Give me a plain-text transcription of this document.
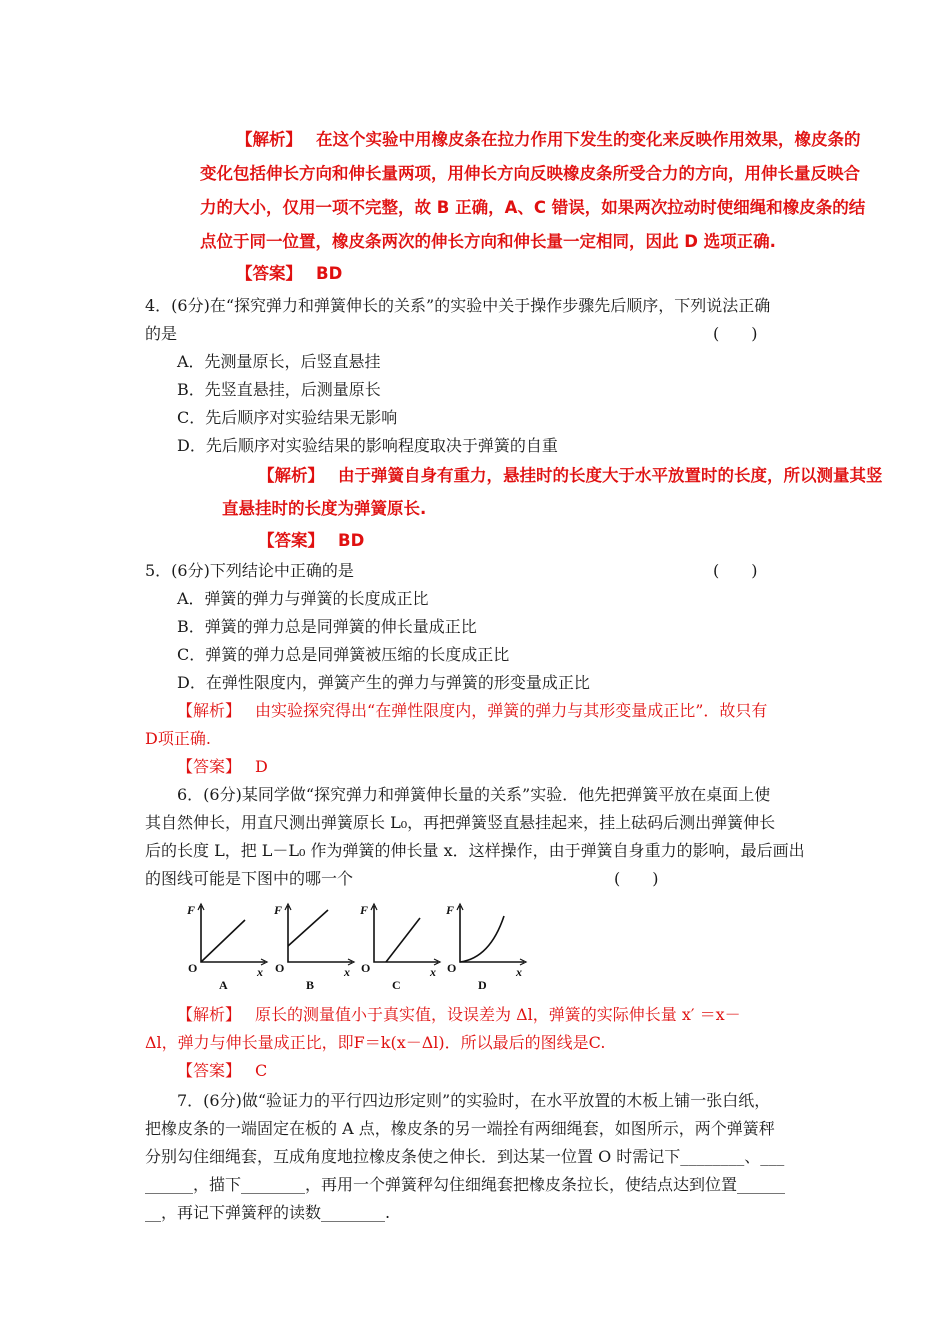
【解析】 在这个实验中用橡皮条在拉力作用下发生的变化来反映作用效果，橡皮条的
变化包括伸长方向和伸长量两项，用伸长方向反映橡皮条所受合力的方向，用伸长量反映合
力的大小，仅用一项不完整，故 B 正确，A、C 错误，如果两次拉动时使细绳和橡皮条的结
点位于同一位置，橡皮条两次的伸长方向和伸长量一定相同，因此 D 选项正确.
【答案】 BD
4．(6分)在“探究弹力和弹簧伸长的关系”的实验中关于操作步骤先后顺序，下列说法正确
的是	(　　)
A．先测量原长，后竖直悬挂
B．先竖直悬挂，后测量原长
C．先后顺序对实验结果无影响
D．先后顺序对实验结果的影响程度取决于弹簧的自重
【解析】 由于弹簧自身有重力，悬挂时的长度大于水平放置时的长度，所以测量其竖
直悬挂时的长度为弹簧原长.
【答案】 BD
5．(6分)下列结论中正确的是	(　　)
A．弹簧的弹力与弹簧的长度成正比
B．弹簧的弹力总是同弹簧的伸长量成正比
C．弹簧的弹力总是同弹簧被压缩的长度成正比
D．在弹性限度内，弹簧产生的弹力与弹簧的形变量成正比
【解析】 由实验探究得出“在弹性限度内，弹簧的弹力与其形变量成正比”．故只有
D项正确.
【答案】 D
6．(6分)某同学做“探究弹力和弹簧伸长量的关系”实验．他先把弹簧平放在桌面上使
其自然伸长，用直尺测出弹簧原长 L₀，再把弹簧竖直悬挂起来，挂上砝码后测出弹簧伸长
后的长度 L，把 L－L₀ 作为弹簧的伸长量 x．这样操作，由于弹簧自身重力的影响，最后画出
的图线可能是下图中的哪一个	(　　)
F
O	x
A
F
O	x
B
F
O	x
C
F
O	x
D
【解析】 原长的测量值小于真实值，设误差为 Δl，弹簧的实际伸长量 x′ ＝x－
Δl，弹力与伸长量成正比，即F＝k(x－Δl)．所以最后的图线是C.
【答案】 C
7．(6分)做“验证力的平行四边形定则”的实验时，在水平放置的木板上铺一张白纸，
把橡皮条的一端固定在板的 A 点，橡皮条的另一端拴有两细绳套，如图所示，两个弹簧秤
分别勾住细绳套，互成角度地拉橡皮条使之伸长．到达某一位置 O 时需记下________、___
______，描下________，再用一个弹簧秤勾住细绳套把橡皮条拉长，使结点达到位置______
__，再记下弹簧秤的读数________.
